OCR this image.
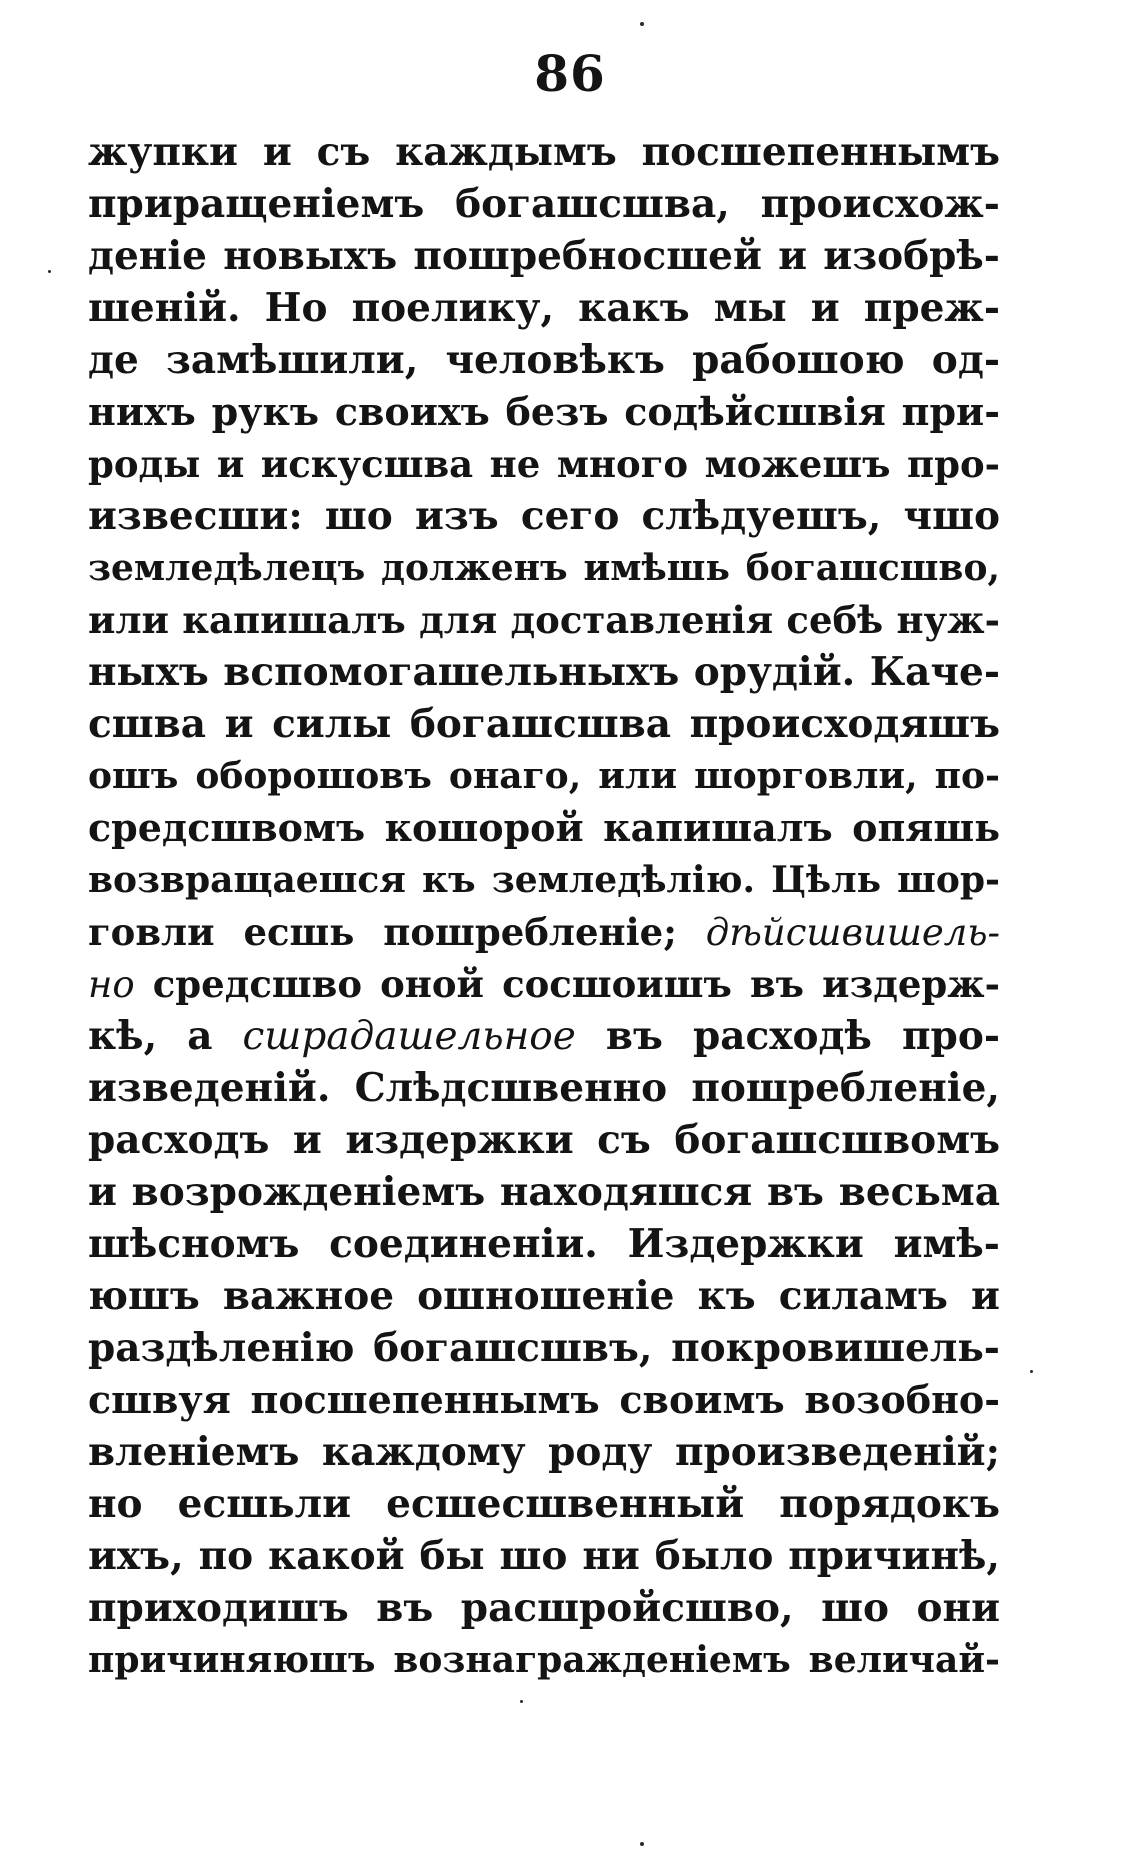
86
жупки и съ каждымъ посшепеннымъ
приращеніемъ богашсшва, происхож-
деніе новыхъ пошребносшей и изобрѣ-
шеній. Но поелику, какъ мы и преж-
де замѣшили, человѣкъ рабошою од-
нихъ рукъ своихъ безъ содѣйсшвія при-
роды и искусшва не много можешъ про-
извесши: шо изъ сего слѣдуешъ, чшо
земледѣлецъ долженъ имѣшь богашсшво,
или капишалъ для доставленія себѣ нуж-
ныхъ вспомогашельныхъ орудій. Каче-
сшва и силы богашсшва происходяшъ
ошъ оборошовъ онаго, или шорговли, по-
средсшвомъ кошорой капишалъ опяшь
возвращаешся къ земледѣлію. Цѣль шор-
говли есшь пошребленіе; дѣйсшвишель-
но средсшво оной сосшоишъ въ издерж-
кѣ, а сшрадашельное въ расходѣ про-
изведеній. Слѣдсшвенно пошребленіе,
расходъ и издержки съ богашсшвомъ
и возрожденіемъ находяшся въ весьма
шѣсномъ соединеніи. Издержки имѣ-
юшъ важное ошношеніе къ силамъ и
раздѣленію богашсшвъ, покровишель-
сшвуя посшепеннымъ своимъ возобно-
вленіемъ каждому роду произведеній;
но есшьли есшесшвенный порядокъ
ихъ, по какой бы шо ни было причинѣ,
приходишъ въ расшройсшво, шо они
причиняюшъ вознагражденіемъ величай-
